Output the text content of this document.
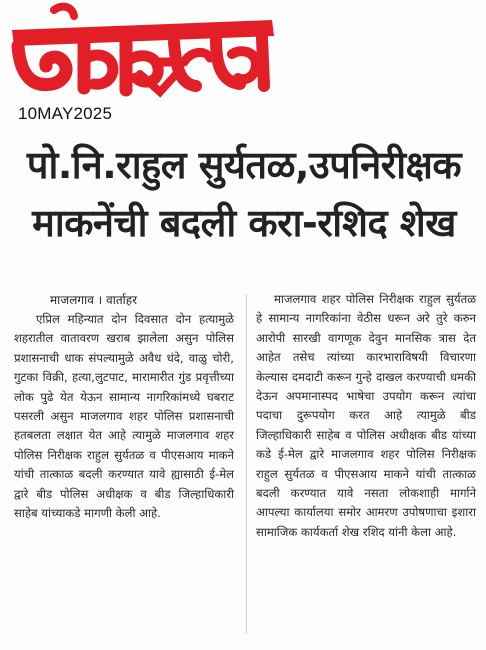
10MAY2025
पो.नि.राहुल सुर्यतळ,उपनिरीक्षक
माकनेंची बदली करा-रशिद शेख
माजलगाव । वार्ताहर

एप्रिल महिन्यात दोन दिवसात दोन हत्यामुळे शहरातील वातावरण खराब झालेला असुन पोलिस प्रशासनाची धाक संपल्यामुळे अवैध धंदे, वाळु चोरी, गुटका विक्री, हत्या,लुटपाट, मारामारीत गुंड प्रवृत्तीच्या लोक पुढे येत येऊन सामान्य नागरिकांमध्ये घबराट पसरली असुन माजलगाव शहर पोलिस प्रशासनाची हतबलता लक्षात येत आहे त्यामुळे माजलगाव शहर पोलिस निरीक्षक राहुल सुर्यतळ व पीएसआय माकने यांची तात्काळ बदली करण्यात यावे ह्यासाठी ई-मेल द्वारे बीड पोलिस अधीक्षक व बीड जिल्हाधिकारी साहेब यांच्याकडे मागणी केली आहे.

माजलगाव शहर पोलिस निरीक्षक राहुल सुर्यतळ हे सामान्य नागरिकांना वेठीस धरून अरे तुरे करुन आरोपी सारखी वागणूक देवुन मानसिक त्रास देत आहेत तसेच त्यांच्या कारभाराविषयी विचारणा केल्यास दमदाटी करून गुन्हे दाखल करण्याची धमकी देऊन अपमानास्पद भाषेचा उपयोग करून त्यांचा पदाचा दुरूपयोग करत आहे त्यामुळे बीड जिल्हाधिकारी साहेब व पोलिस अधीक्षक बीड यांच्या कडे ई-मेल द्वारे माजलगाव शहर पोलिस निरीक्षक राहुल सुर्यतळ व पीएसआय माकने यांची तात्काळ बदली करण्यात यावे नसता लोकशाही मार्गाने आपल्या कार्यालया समोर आमरण उपोषणाचा इशारा सामाजिक कार्यकर्ता शेख रशिद यांनी केला आहे.
